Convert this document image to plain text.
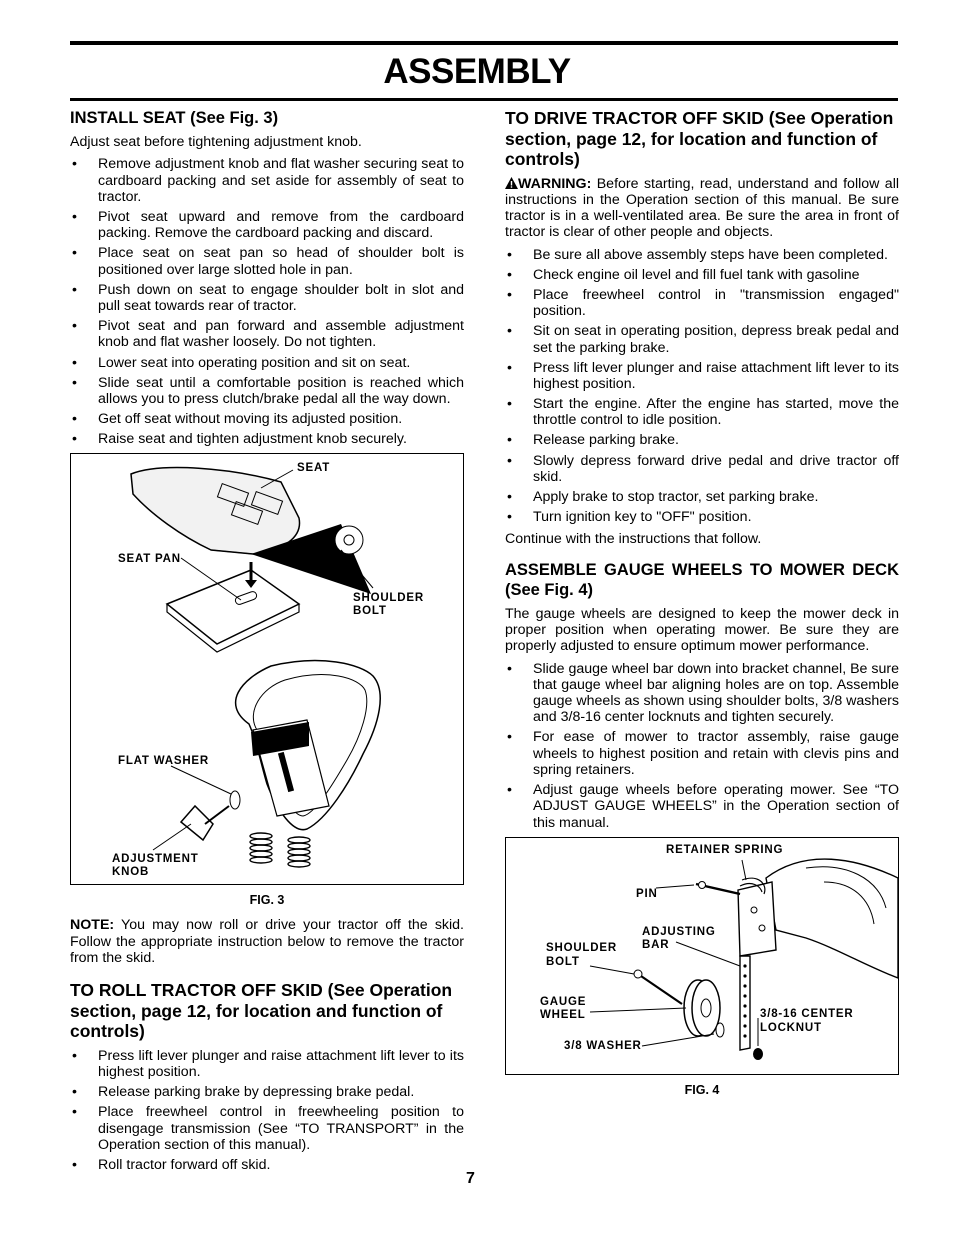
ASSEMBLY
INSTALL SEAT (See Fig. 3)

Adjust seat before tightening adjustment knob.

• Remove adjustment knob and flat washer securing seat to cardboard packing and set aside for assembly of seat to tractor.
• Pivot seat upward and remove from the cardboard packing. Remove the cardboard packing and discard.
• Place seat on seat pan so head of shoulder bolt is positioned over large slotted hole in pan.
• Push down on seat to engage shoulder bolt in slot and pull seat towards rear of tractor.
• Pivot seat and pan forward and assemble adjustment knob and flat washer loosely. Do not tighten.
• Lower seat into operating position and sit on seat.
• Slide seat until a comfortable position is reached which allows you to press clutch/brake pedal all the way down.
• Get off seat without moving its adjusted position.
• Raise seat and tighten adjustment knob securely.
SEAT
SEAT PAN
SHOULDER
BOLT
FLAT WASHER
ADJUSTMENT
KNOB
FIG. 3

NOTE: You may now roll or drive your tractor off the skid. Follow the appropriate instruction below to remove the tractor from the skid.

TO ROLL TRACTOR OFF SKID (See Operation section, page 12, for location and function of controls)
• Press lift lever plunger and raise attachment lift lever to its highest position.
• Release parking brake by depressing brake pedal.
• Place freewheel control in freewheeling position to disengage transmission (See “TO TRANSPORT” in the Operation section of this manual).
• Roll tractor forward off skid.
TO DRIVE TRACTOR OFF SKID (See Operation section, page 12, for location and function of controls)

WARNING: Before starting, read, understand and follow all instructions in the Operation section of this manual. Be sure tractor is in a well-ventilated area. Be sure the area in front of tractor is clear of other people and objects.

• Be sure all above assembly steps have been completed.
• Check engine oil level and fill fuel tank with gasoline
• Place freewheel control in "transmission engaged" position.
• Sit on seat in operating position, depress break pedal and set the parking brake.
• Press lift lever plunger and raise attachment lift lever to its highest position.
• Start the engine. After the engine has started, move the throttle control to idle position.
• Release parking brake.
• Slowly depress forward drive pedal and drive tractor off skid.
• Apply brake to stop tractor, set parking brake.
• Turn ignition key to "OFF" position.

Continue with the instructions that follow.

ASSEMBLE GAUGE WHEELS TO MOWER DECK (See Fig. 4)

The gauge wheels are designed to keep the mower deck in proper position when operating mower. Be sure they are properly adjusted to ensure optimum mower performance.

• Slide gauge wheel bar down into bracket channel, Be sure that gauge wheel bar aligning holes are on top. Assemble gauge wheels as shown using shoulder bolts, 3/8 washers and 3/8-16 center locknuts and tighten securely.
• For ease of mower to tractor assembly, raise gauge wheels to highest position and retain with clevis pins and spring retainers.
• Adjust gauge wheels before operating mower. See “TO ADJUST GAUGE WHEELS” in the Operation section of this manual.
RETAINER SPRING
PIN
ADJUSTING
BAR
SHOULDER
BOLT
GAUGE
WHEEL	3/8-16 CENTER
LOCKNUT
3/8 WASHER
FIG. 4
7
